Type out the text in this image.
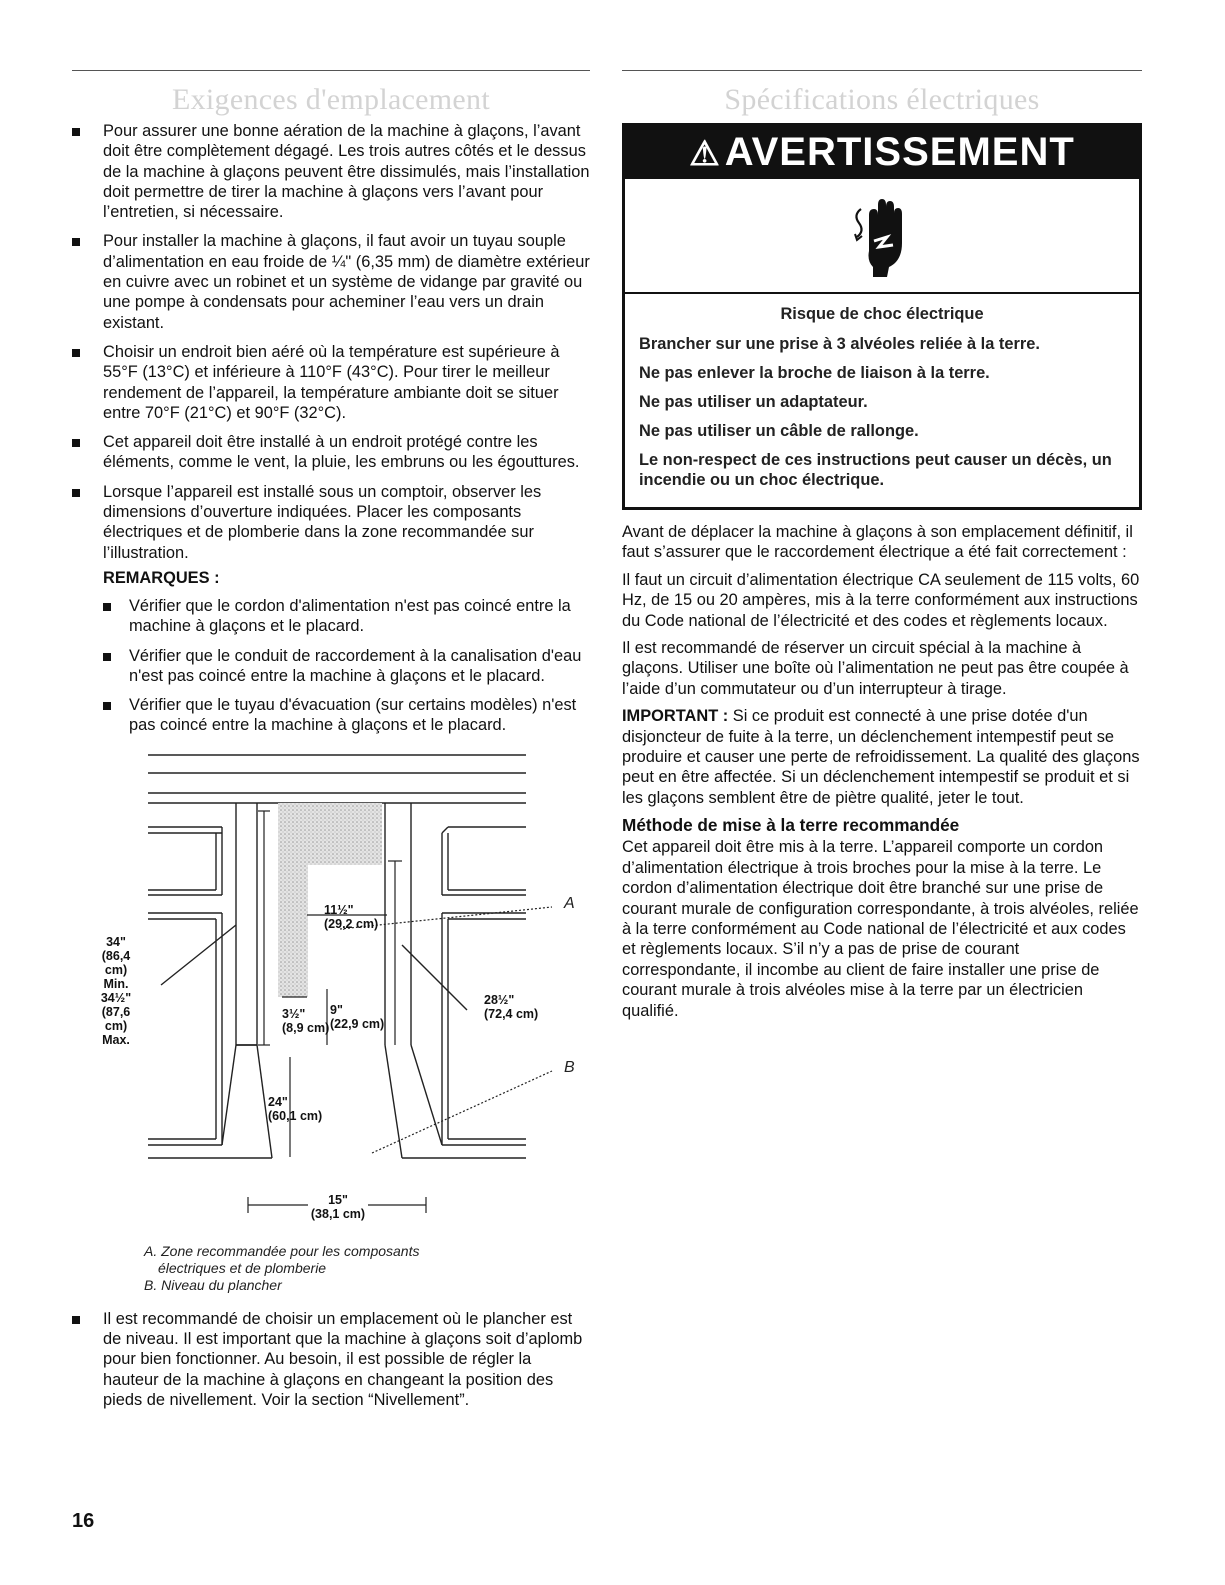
Exigences d'emplacement
Pour assurer une bonne aération de la machine à glaçons, l’avant doit être complètement dégagé. Les trois autres côtés et le dessus de la machine à glaçons peuvent être dissimulés, mais l’installation doit permettre de tirer la machine à glaçons vers l’avant pour l’entretien, si nécessaire.
Pour installer la machine à glaçons, il faut avoir un tuyau souple d’alimentation en eau froide de ¼" (6,35 mm) de diamètre extérieur en cuivre avec un robinet et un système de vidange par gravité ou une pompe à condensats pour acheminer l’eau vers un drain existant.
Choisir un endroit bien aéré où la température est supérieure à 55°F (13°C) et inférieure à 110°F (43°C). Pour tirer le meilleur rendement de l’appareil, la température ambiante doit se situer entre 70°F (21°C) et 90°F (32°C).
Cet appareil doit être installé à un endroit protégé contre les éléments, comme le vent, la pluie, les embruns ou les égouttures.
Lorsque l’appareil est installé sous un comptoir, observer les dimensions d’ouverture indiquées. Placer les composants électriques et de plomberie dans la zone recommandée sur l’illustration.
REMARQUES :
Vérifier que le cordon d'alimentation n'est pas coincé entre la machine à glaçons et le placard.
Vérifier que le conduit de raccordement à la canalisation d'eau n'est pas coincé entre la machine à glaçons et le placard.
Vérifier que le tuyau d'évacuation (sur certains modèles) n'est pas coincé entre la machine à glaçons et le placard.
34"
(86,4 cm)
Min.
34½"
(87,6 cm)
Max.
11½"
(29,2 cm)
28½"
(72,4 cm)
3½"
(8,9 cm)
9"
(22,9 cm)
24"
(60,1 cm)
15"
(38,1 cm)
A
B
A. Zone recommandée pour les composants
électriques et de plomberie
B. Niveau du plancher
Il est recommandé de choisir un emplacement où le plancher est de niveau. Il est important que la machine à glaçons soit d’aplomb pour bien fonctionner. Au besoin, il est possible de régler la hauteur de la machine à glaçons en changeant la position des pieds de nivellement. Voir la section “Nivellement”.
Spécifications électriques
⚠ AVERTISSEMENT

Risque de choc électrique

Brancher sur une prise à 3 alvéoles reliée à la terre.

Ne pas enlever la broche de liaison à la terre.

Ne pas utiliser un adaptateur.

Ne pas utiliser un câble de rallonge.

Le non-respect de ces instructions peut causer un décès, un incendie ou un choc électrique.

Avant de déplacer la machine à glaçons à son emplacement définitif, il faut s’assurer que le raccordement électrique a été fait correctement :

Il faut un circuit d’alimentation électrique CA seulement de 115 volts, 60 Hz, de 15 ou 20 ampères, mis à la terre conformément aux instructions du Code national de l’électricité et des codes et règlements locaux.

Il est recommandé de réserver un circuit spécial à la machine à glaçons. Utiliser une boîte où l’alimentation ne peut pas être coupée à l’aide d’un commutateur ou d’un interrupteur à tirage.

IMPORTANT : Si ce produit est connecté à une prise dotée d'un disjoncteur de fuite à la terre, un déclenchement intempestif peut se produire et causer une perte de refroidissement. La qualité des glaçons peut en être affectée. Si un déclenchement intempestif se produit et si les glaçons semblent être de piètre qualité, jeter le tout.

Méthode de mise à la terre recommandée

Cet appareil doit être mis à la terre. L’appareil comporte un cordon d’alimentation électrique à trois broches pour la mise à la terre. Le cordon d’alimentation électrique doit être branché sur une prise de courant murale de configuration correspondante, à trois alvéoles, reliée à la terre conformément au Code national de l’électricité et aux codes et règlements locaux. S’il n’y a pas de prise de courant correspondante, il incombe au client de faire installer une prise de courant murale à trois alvéoles mise à la terre par un électricien qualifié.

16
